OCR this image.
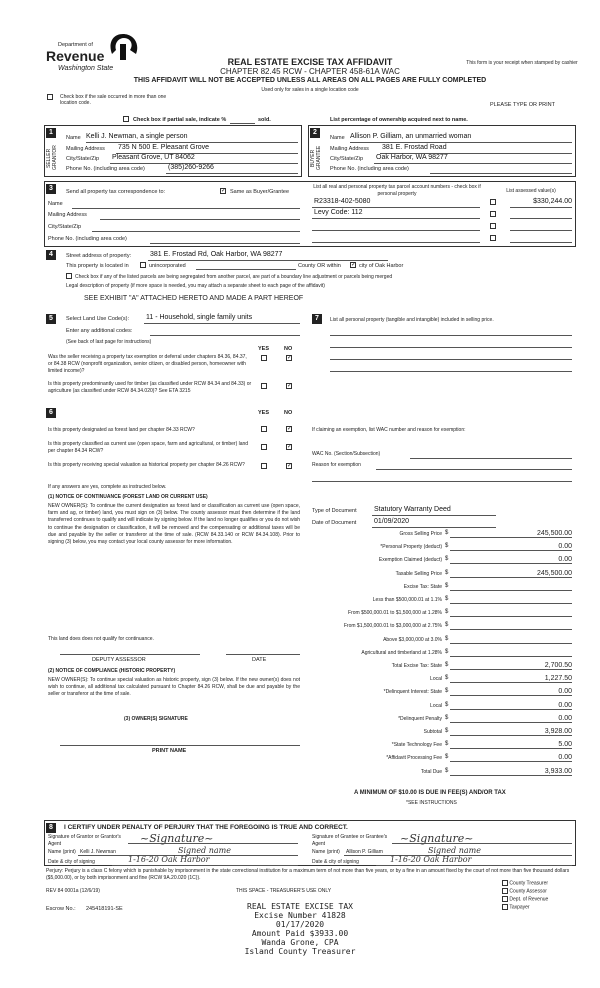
Department of
Revenue
Washington State
REAL ESTATE EXCISE TAX AFFIDAVIT
CHAPTER 82.45 RCW - CHAPTER 458-61A WAC
THIS AFFIDAVIT WILL NOT BE ACCEPTED UNLESS ALL AREAS ON ALL PAGES ARE FULLY COMPLETED
This form is your receipt when stamped by cashier
Used only for sales in a single location code
Check box if the sale occurred in more than one location code.	PLEASE TYPE OR PRINT
Check box if partial sale, indicate %	sold.	List percentage of ownership acquired next to name.
1
SELLER GRANTOR
Name Kelli J. Newman, a single person
Mailing Address 735 N 500 E. Pleasant Grove
City/State/Zip Pleasant Grove, UT 84062
Phone No. (including area code)	(385)260-9266
2
BUYER GRANTEE
Name Allison P. Gilliam, an unmarried woman
Mailing Address 381 E. Frostad Road
City/State/Zip Oak Harbor, WA 98277
Phone No. (including area code)
3	Send all property tax correspondence to:	✓ Same as Buyer/Grantee
Name
Mailing Address
City/State/Zip
Phone No. (including area code)
List all real and personal property tax parcel account numbers - check box if personal property	List assessed value(s)
R23318-402-5080	$330,244.00
Levy Code: 112
4	Street address of property:	381 E. Frostad Rd, Oak Harbor, WA 98277
This property is located in	unincorporated	County OR within ✓ city of Oak Harbor
Check box if any of the listed parcels are being segregated from another parcel, are part of a boundary line adjustment or parcels being merged
Legal description of property (if more space is needed, you may attach a separate sheet to each page of the affidavit)
SEE EXHIBIT "A" ATTACHED HERETO AND MADE A PART HEREOF
5	Select Land Use Code(s): 11 - Household, single family units
Enter any additional codes:
(See back of last page for instructions)
YES	NO
Was the seller receiving a property tax exemption or deferral under chapters 84.36, 84.37, or 84.38 RCW (nonprofit organization, senior citizen, or disabled person, homeowner with limited income)?
✓
Is this property predominantly used for timber (as classified under RCW 84.34 and 84.33) or agriculture (as classified under RCW 84.34.020)? See ETA 3215
✓
6	YES	NO
Is this property designated as forest land per chapter 84.33 RCW?	✓
Is this property classified as current use (open space, farm and agricultural, or timber) land per chapter 84.34 RCW?
✓
Is this property receiving special valuation as historical property per chapter 84.26 RCW?	✓
If any answers are yes, complete as instructed below.
(1) NOTICE OF CONTINUANCE (FOREST LAND OR CURRENT USE)
NEW OWNER(S): To continue the current designation as forest land or classification as current use (open space, farm and ag, or timber) land, you must sign on (3) below. The county assessor must then determine if the land transferred continues to qualify and will indicate by signing below. If the land no longer qualifies or you do not wish to continue the designation or classification, it will be removed and the compensating or additional taxes will be due and payable by the seller or transferor at the time of sale. (RCW 84.33.140 or RCW 84.34.108). Prior to signing (3) below, you may contact your local county assessor for more information.
This land does does not qualify for continuance.
DEPUTY ASSESSOR	DATE
(2) NOTICE OF COMPLIANCE (HISTORIC PROPERTY)
NEW OWNER(S): To continue special valuation as historic property, sign (3) below. If the new owner(s) does not wish to continue, all additional tax calculated pursuant to Chapter 84.26 RCW, shall be due and payable by the seller or transferor at the time of sale.
(3) OWNER(S) SIGNATURE
PRINT NAME
7	List all personal property (tangible and intangible) included in selling price.
If claiming an exemption, list WAC number and reason for exemption:
WAC No. (Section/Subsection)
Reason for exemption
Type of Document Statutory Warranty Deed
Date of Document	01/09/2020
Gross Selling Price $	245,500.00
*Personal Property (deduct) $	0.00
Exemption Claimed (deduct) $	0.00
Taxable Selling Price $	245,500.00
Excise Tax: State $

Less than $500,000.01 at 1.1% $

From $500,000.01 to $1,500,000 at 1.28% $

From $1,500,000.01 to $3,000,000 at 2.75% $

Above $3,000,000 at 3.0% $

Agricultural and timberland at 1.28% $

Total Excise Tax: State $	2,700.50
Local $	1,227.50
*Delinquent Interest: State $	0.00
Local $	0.00
*Delinquent Penalty $	0.00
Subtotal $	3,928.00
*State Technology Fee $	5.00
*Affidavit Processing Fee $	0.00
Total Due $	3,933.00
A MINIMUM OF $10.00 IS DUE IN FEE(S) AND/OR TAX
*SEE INSTRUCTIONS
8	I CERTIFY UNDER PENALTY OF PERJURY THAT THE FOREGOING IS TRUE AND CORRECT.
Signature of Grantor or Grantor's Agent	~Signature~
Name (print) Kelli J. Newman	Signed name
Date & city of signing	1-16-20 Oak Harbor
Signature of Grantee or Grantee's Agent	~Signature~
Name (print) Allison P. Gilliam	Signed name
Date & city of signing	1-16-20 Oak Harbor
Perjury: Perjury is a class C felony which is punishable by imprisonment in the state correctional institution for a maximum term of not more than five years, or by a fine in an amount fixed by the court of not more than five thousand dollars ($5,000.00), or by both imprisonment and fine (RCW 9A.20.020 (1C)).
REV 84 0001a (12/6/19)	THIS SPACE - TREASURER'S USE ONLY
Escrow No.: 245418191-SE	REAL ESTATE EXCISE TAX
Excise Number 41828
01/17/2020
Amount Paid $3933.00
Wanda Grone, CPA
Island County Treasurer
County Treasurer
County Assessor
Dept. of Revenue
Taxpayer
